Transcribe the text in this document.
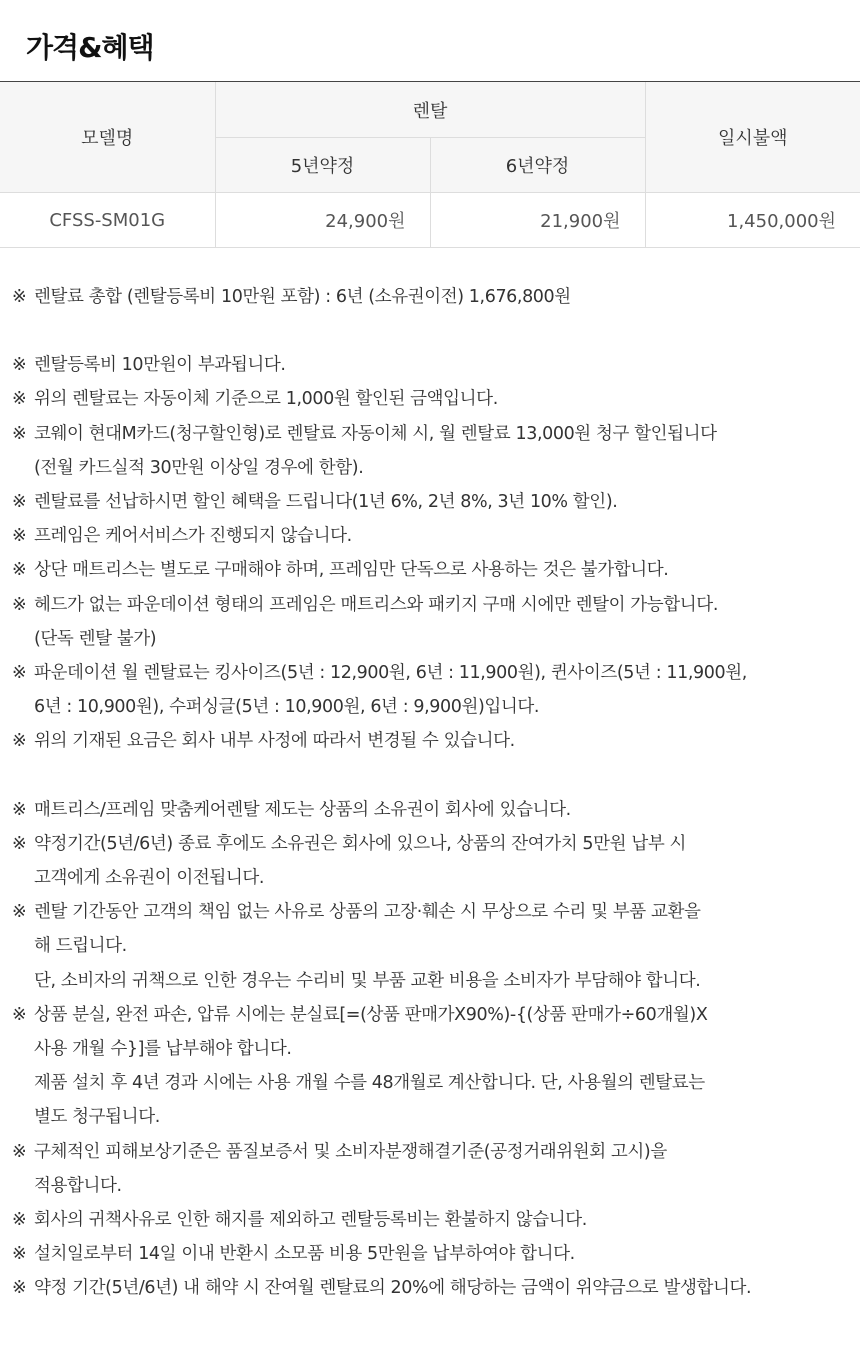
가격&혜택
모델명	렌탈		일시불액
	5년약정	6년약정	
CFSS-SM01G	24,900원	21,900원	1,450,000원
※ 렌탈료 총합 (렌탈등록비 10만원 포함) : 6년 (소유권이전) 1,676,800원
※ 렌탈등록비 10만원이 부과됩니다.
※ 위의 렌탈료는 자동이체 기준으로 1,000원 할인된 금액입니다.
※ 코웨이 현대M카드(청구할인형)로 렌탈료 자동이체 시, 월 렌탈료 13,000원 청구 할인됩니다
(전월 카드실적 30만원 이상일 경우에 한함).
※ 렌탈료를 선납하시면 할인 혜택을 드립니다(1년 6%, 2년 8%, 3년 10% 할인).
※ 프레임은 케어서비스가 진행되지 않습니다.
※ 상단 매트리스는 별도로 구매해야 하며, 프레임만 단독으로 사용하는 것은 불가합니다.
※ 헤드가 없는 파운데이션 형태의 프레임은 매트리스와 패키지 구매 시에만 렌탈이 가능합니다.
(단독 렌탈 불가)
※ 파운데이션 월 렌탈료는 킹사이즈(5년 : 12,900원, 6년 : 11,900원), 퀸사이즈(5년 : 11,900원,
6년 : 10,900원), 수퍼싱글(5년 : 10,900원, 6년 : 9,900원)입니다.
※ 위의 기재된 요금은 회사 내부 사정에 따라서 변경될 수 있습니다.
※ 매트리스/프레임 맞춤케어렌탈 제도는 상품의 소유권이 회사에 있습니다.
※ 약정기간(5년/6년) 종료 후에도 소유권은 회사에 있으나, 상품의 잔여가치 5만원 납부 시
고객에게 소유권이 이전됩니다.
※ 렌탈 기간동안 고객의 책임 없는 사유로 상품의 고장·훼손 시 무상으로 수리 및 부품 교환을
해 드립니다.
단, 소비자의 귀책으로 인한 경우는 수리비 및 부품 교환 비용을 소비자가 부담해야 합니다.
※ 상품 분실, 완전 파손, 압류 시에는 분실료[=(상품 판매가X90%)-{(상품 판매가÷60개월)X
사용 개월 수}]를 납부해야 합니다.
제품 설치 후 4년 경과 시에는 사용 개월 수를 48개월로 계산합니다. 단, 사용월의 렌탈료는
별도 청구됩니다.
※ 구체적인 피해보상기준은 품질보증서 및 소비자분쟁해결기준(공정거래위원회 고시)을
적용합니다.
※ 회사의 귀책사유로 인한 해지를 제외하고 렌탈등록비는 환불하지 않습니다.
※ 설치일로부터 14일 이내 반환시 소모품 비용 5만원을 납부하여야 합니다.
※ 약정 기간(5년/6년) 내 해약 시 잔여월 렌탈료의 20%에 해당하는 금액이 위약금으로 발생합니다.
